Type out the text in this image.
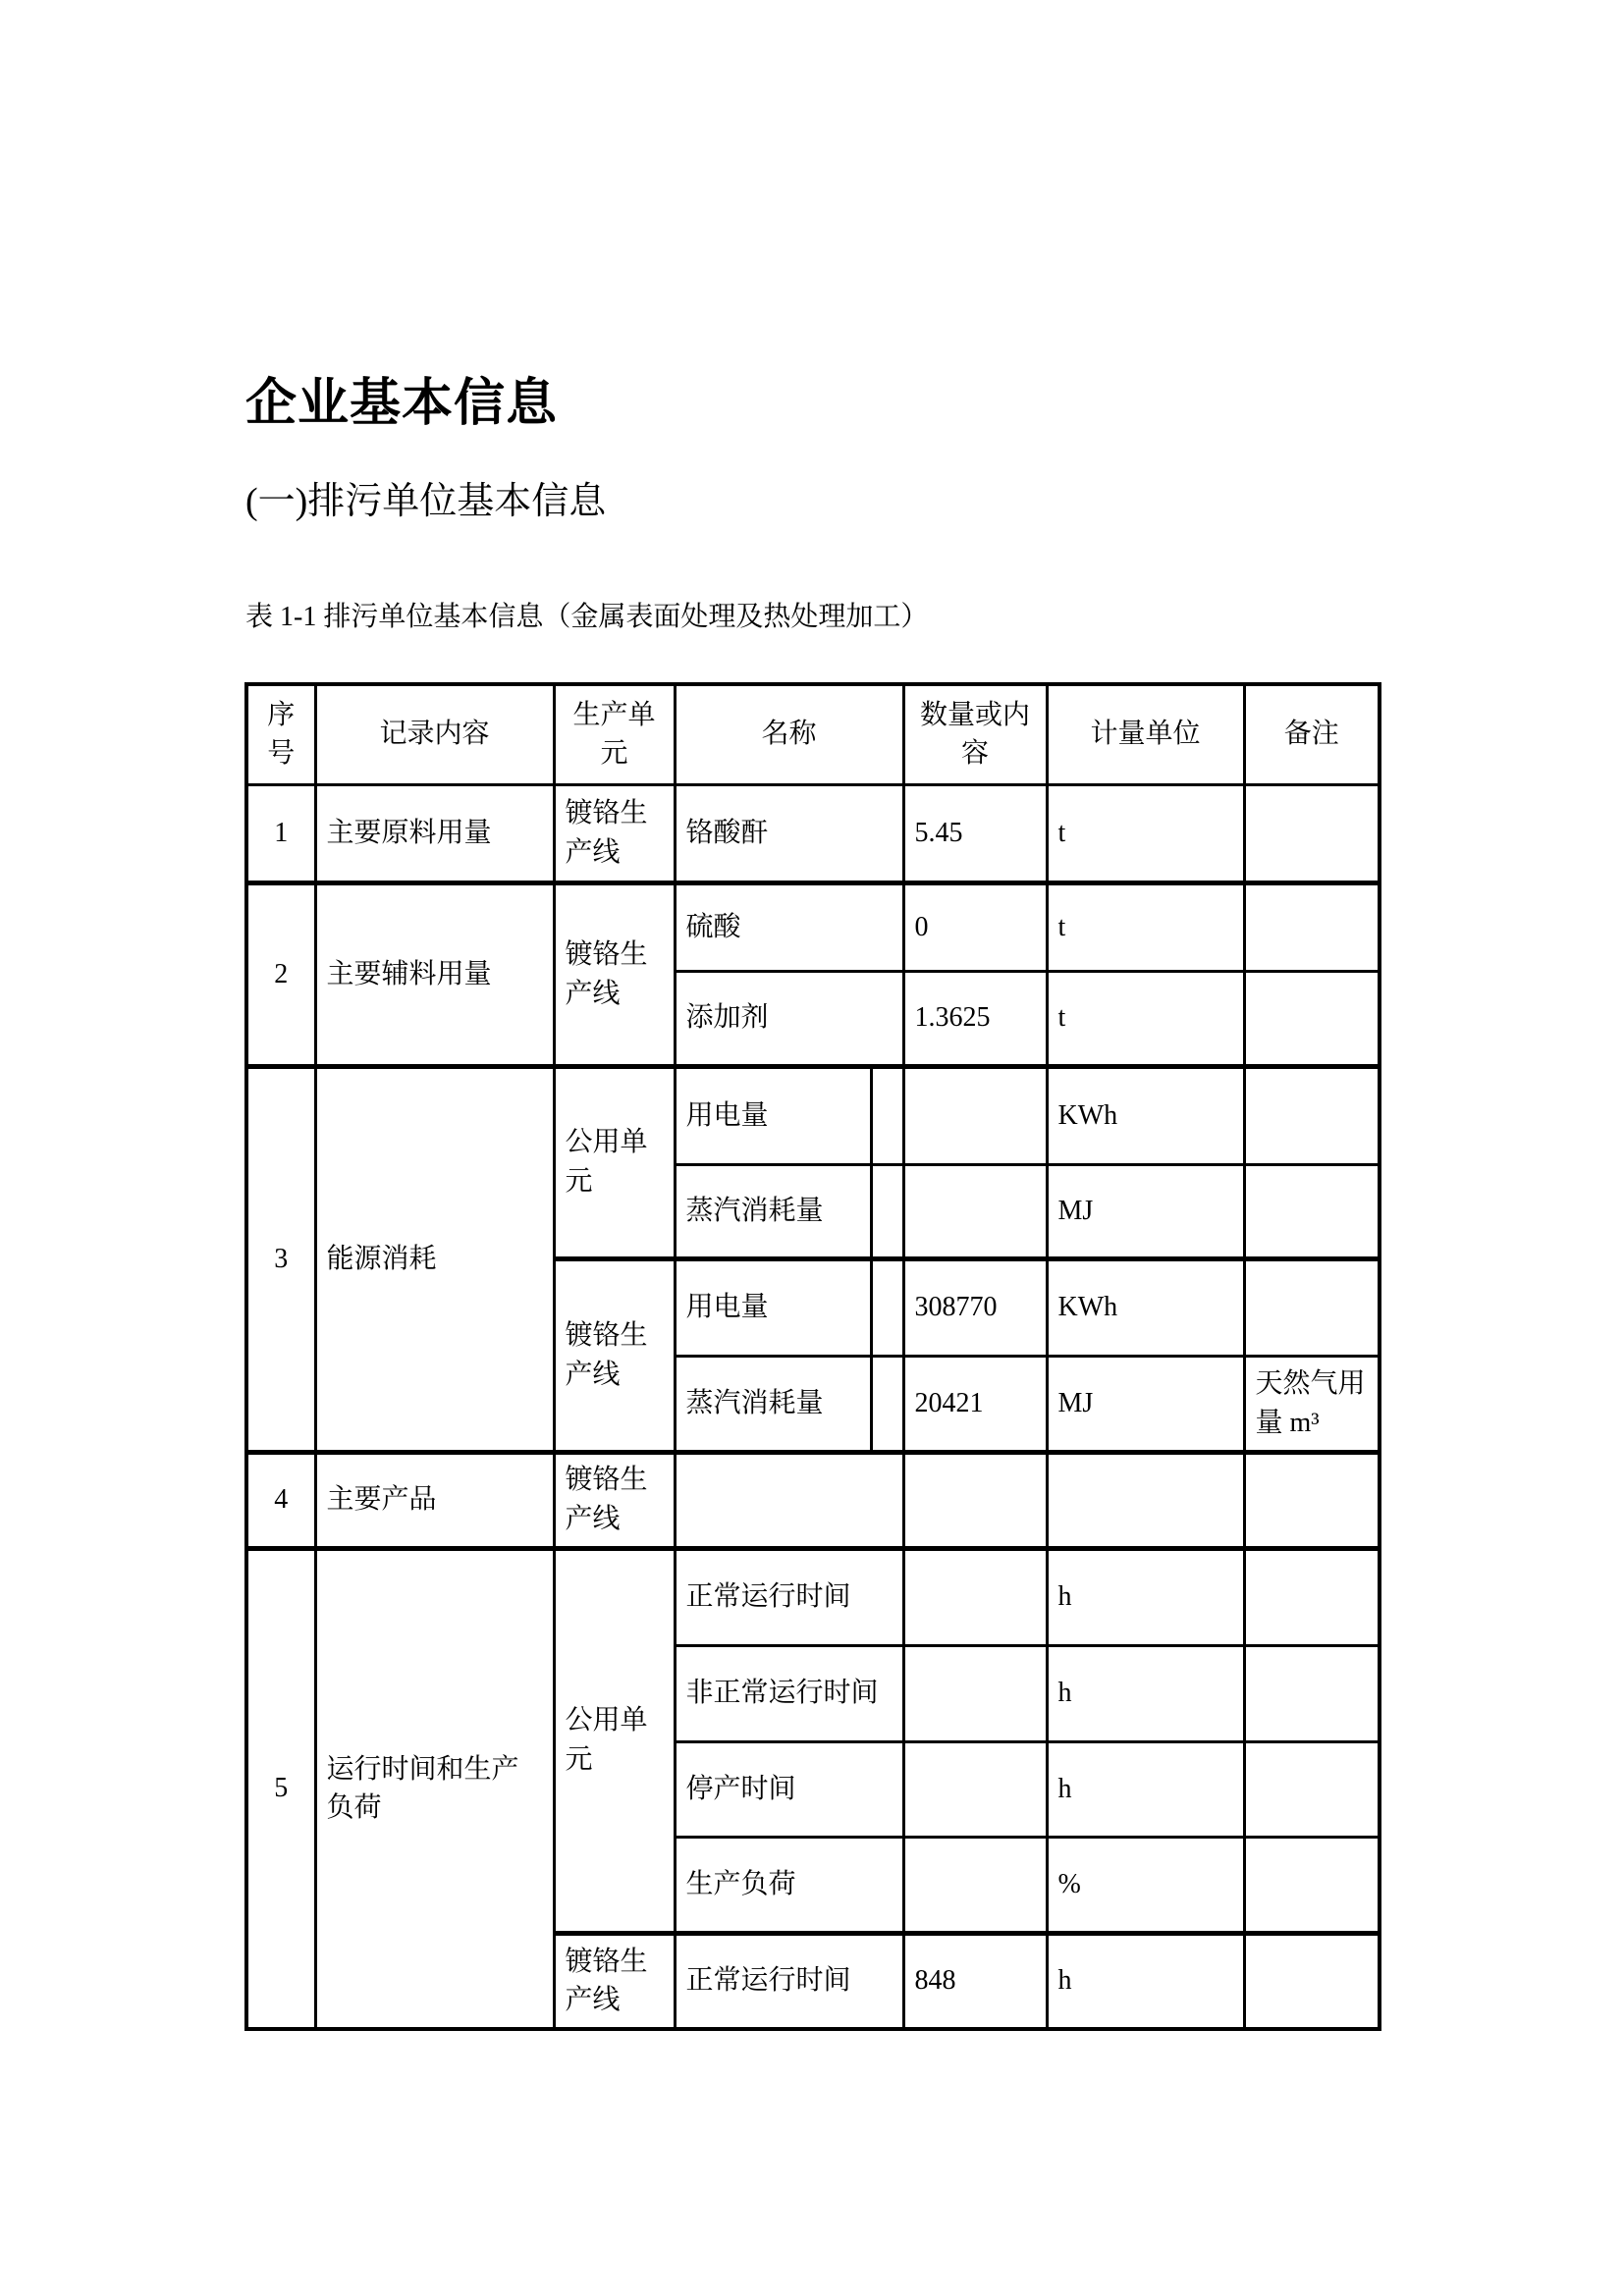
企业基本信息
(一)排污单位基本信息

表 1-1 排污单位基本信息（金属表面处理及热处理加工）

序号	记录内容	生产单元	名称		数量或内容	计量单位	备注
1	主要原料用量	镀铬生产线	铬酸酐		5.45	t	
2	主要辅料用量	镀铬生产线	硫酸		0	t	
			添加剂		1.3625	t	
3	能源消耗	公用单元	用电量			KWh	
			蒸汽消耗量			MJ	
		镀铬生产线	用电量		308770	KWh	
			蒸汽消耗量		20421	MJ	天然气用量 m³
4	主要产品	镀铬生产线					
5	运行时间和生产负荷	公用单元	正常运行时间			h	
			非正常运行时间			h	
			停产时间			h	
			生产负荷			%	
		镀铬生产线	正常运行时间		848	h	
